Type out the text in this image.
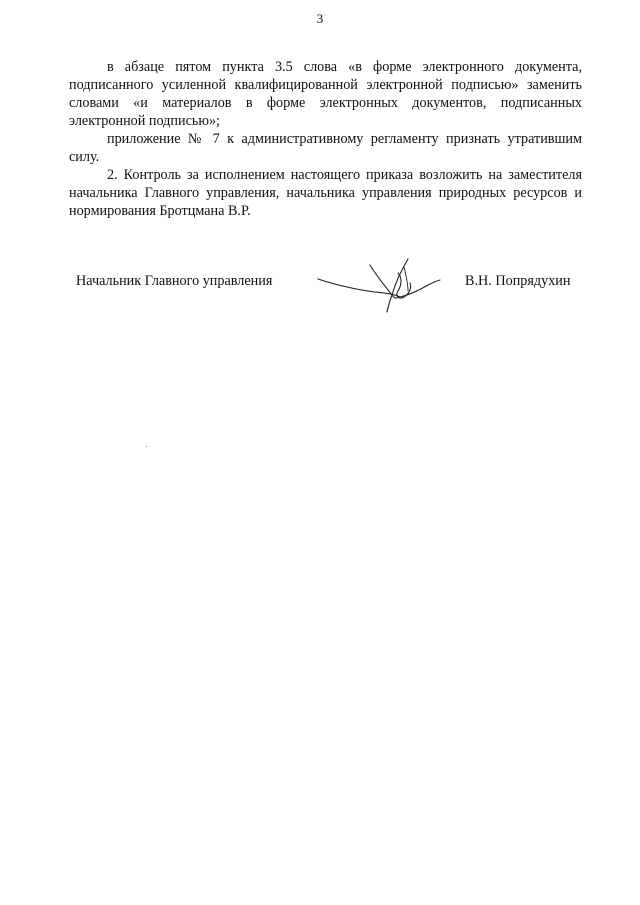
3

в абзаце пятом пункта 3.5 слова «в форме электронного документа, подписанного усиленной квалифицированной электронной подписью» заменить словами «и материалов в форме электронных документов, подписанных электронной подписью»;

приложение № 7 к административному регламенту признать утратившим силу.

2. Контроль за исполнением настоящего приказа возложить на заместителя начальника Главного управления, начальника управления природных ресурсов и нормирования Бротцмана В.Р.

Начальник Главного управления	В.Н. Попрядухин
